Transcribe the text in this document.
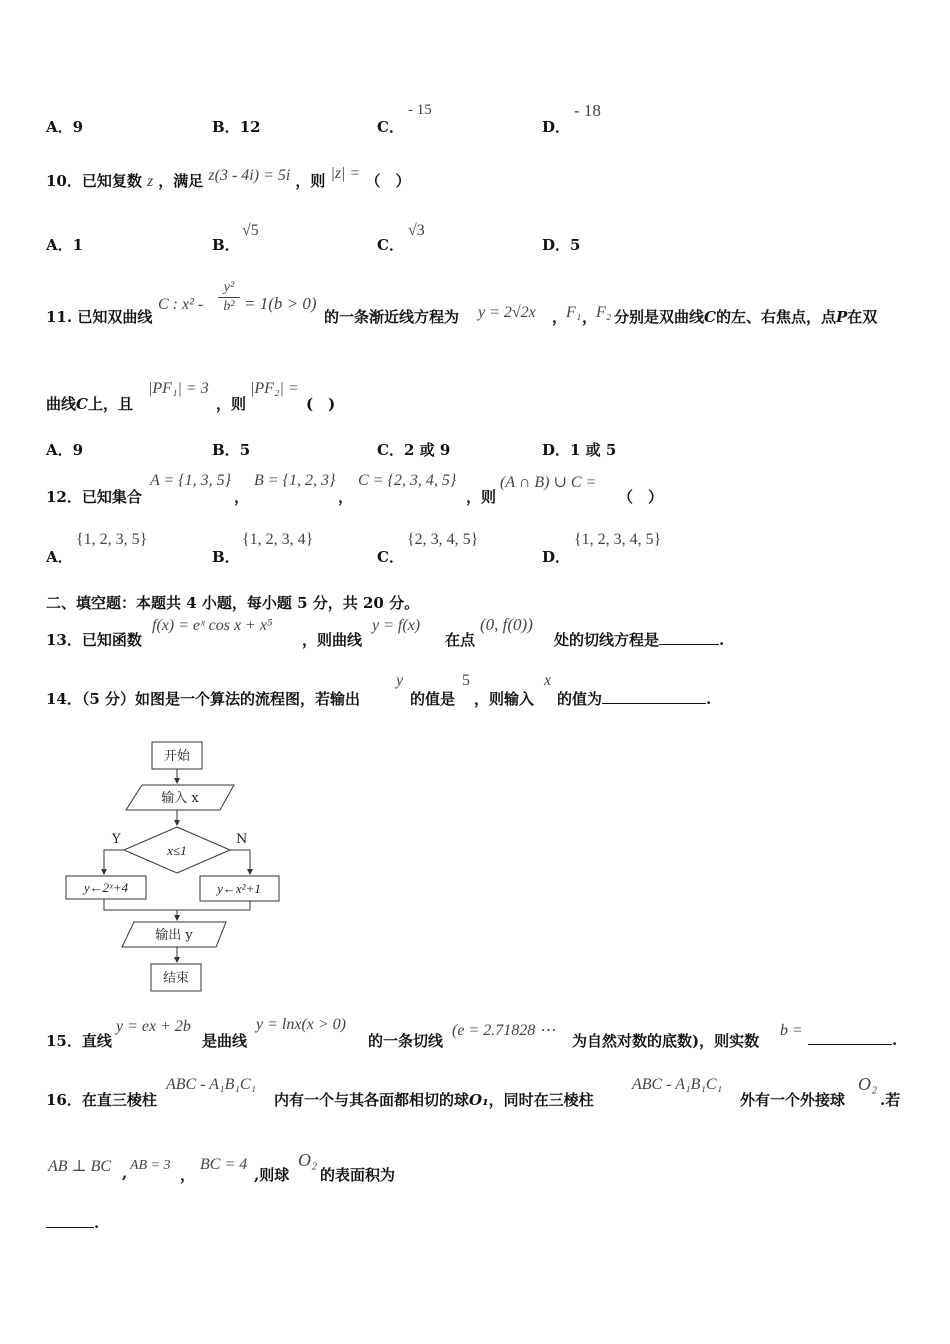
A．9	B．12	C．
- 15
D．
- 18
10．已知复数 z ，满足 z(3 - 4i) = 5i ，则 |z| = （　）
A．1	B．
√5
C．
√3
D．5
11. 已知双曲线
C : x² -
y²
b² = 1(b > 0)
的一条渐近线方程为 y = 2√2x ，
F₁ ，
F₂ 分别是双曲线C的左、右焦点，点P在双
曲线C上，且
|PF₁| = 3
，则
|PF₂| =
(　)
A．9	B．5	C．2 或 9	D．1 或 5
12．已知集合
A = {1, 3, 5}
，
B = {1, 2, 3}
，
C = {2, 3, 4, 5}
，则
(A ∩ B) ∪ C =
（　）
A．
{1, 2, 3, 5}
B．
{1, 2, 3, 4}
C．
{2, 3, 4, 5}
D．
{1, 2, 3, 4, 5}
二、填空题：本题共 4 小题，每小题 5 分，共 20 分。
13．已知函数
f(x) = eˣ cos x + x⁵
，则曲线
y = f(x)
在点
(0, f(0))
处的切线方程是	.
14．（5 分）如图是一个算法的流程图，若输出
y
的值是
5
，则输入
x
的值为	.
开始
输入 x
x≤1
Y	N
y←2ˣ+4	y←x²+1
输出 y
结束
15．直线
y = ex + 2b
是曲线
y = lnx(x > 0)
的一条切线
(e = 2.71828 ⋯
为自然对数的底数)，则实数
b =
.
16．在直三棱柱
ABC - A₁B₁C₁
内有一个与其各面都相切的球O₁，同时在三棱柱
ABC - A₁B₁C₁
外有一个外接球
O₂
.若
AB ⊥ BC , AB = 3
，
BC = 4
,则球
O₂
的表面积为
.
